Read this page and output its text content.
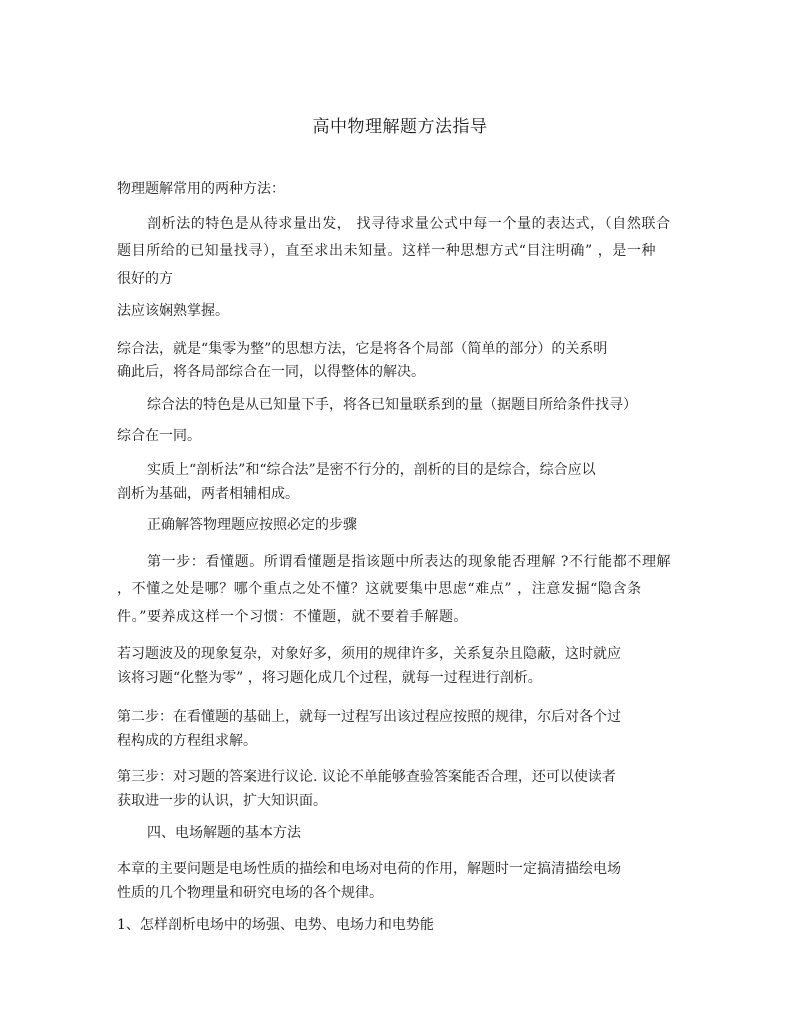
高中物理解题方法指导
物理题解常用的两种方法：
剖析法的特色是从待求量出发， 找寻待求量公式中每一个量的表达式，（自然联合
题目所给的已知量找寻），直至求出未知量。这样一种思想方式“目注明确” ，是一种
很好的方
法应该娴熟掌握。
综合法，就是“集零为整”的思想方法，它是将各个局部（简单的部分）的关系明
确此后，将各局部综合在一同，以得整体的解决。
综合法的特色是从已知量下手，将各已知量联系到的量（据题目所给条件找寻）
综合在一同。
实质上“剖析法”和“综合法”是密不行分的，剖析的目的是综合，综合应以
剖析为基础，两者相辅相成。
正确解答物理题应按照必定的步骤
第一步：看懂题。所谓看懂题是指该题中所表达的现象能否理解 ?不行能都不理解
，不懂之处是哪？哪个重点之处不懂？这就要集中思虑“难点” ，注意发掘“隐含条
件。”要养成这样一个习惯：不懂题，就不要着手解题。
若习题波及的现象复杂，对象好多，须用的规律许多，关系复杂且隐蔽，这时就应
该将习题“化整为零” ，将习题化成几个过程，就每一过程进行剖析。
第二步：在看懂题的基础上，就每一过程写出该过程应按照的规律，尔后对各个过
程构成的方程组求解。
第三步：对习题的答案进行议论. 议论不单能够查验答案能否合理，还可以使读者
获取进一步的认识，扩大知识面。
四、电场解题的基本方法
本章的主要问题是电场性质的描绘和电场对电荷的作用，解题时一定搞清描绘电场
性质的几个物理量和研究电场的各个规律。
1、怎样剖析电场中的场强、电势、电场力和电势能
